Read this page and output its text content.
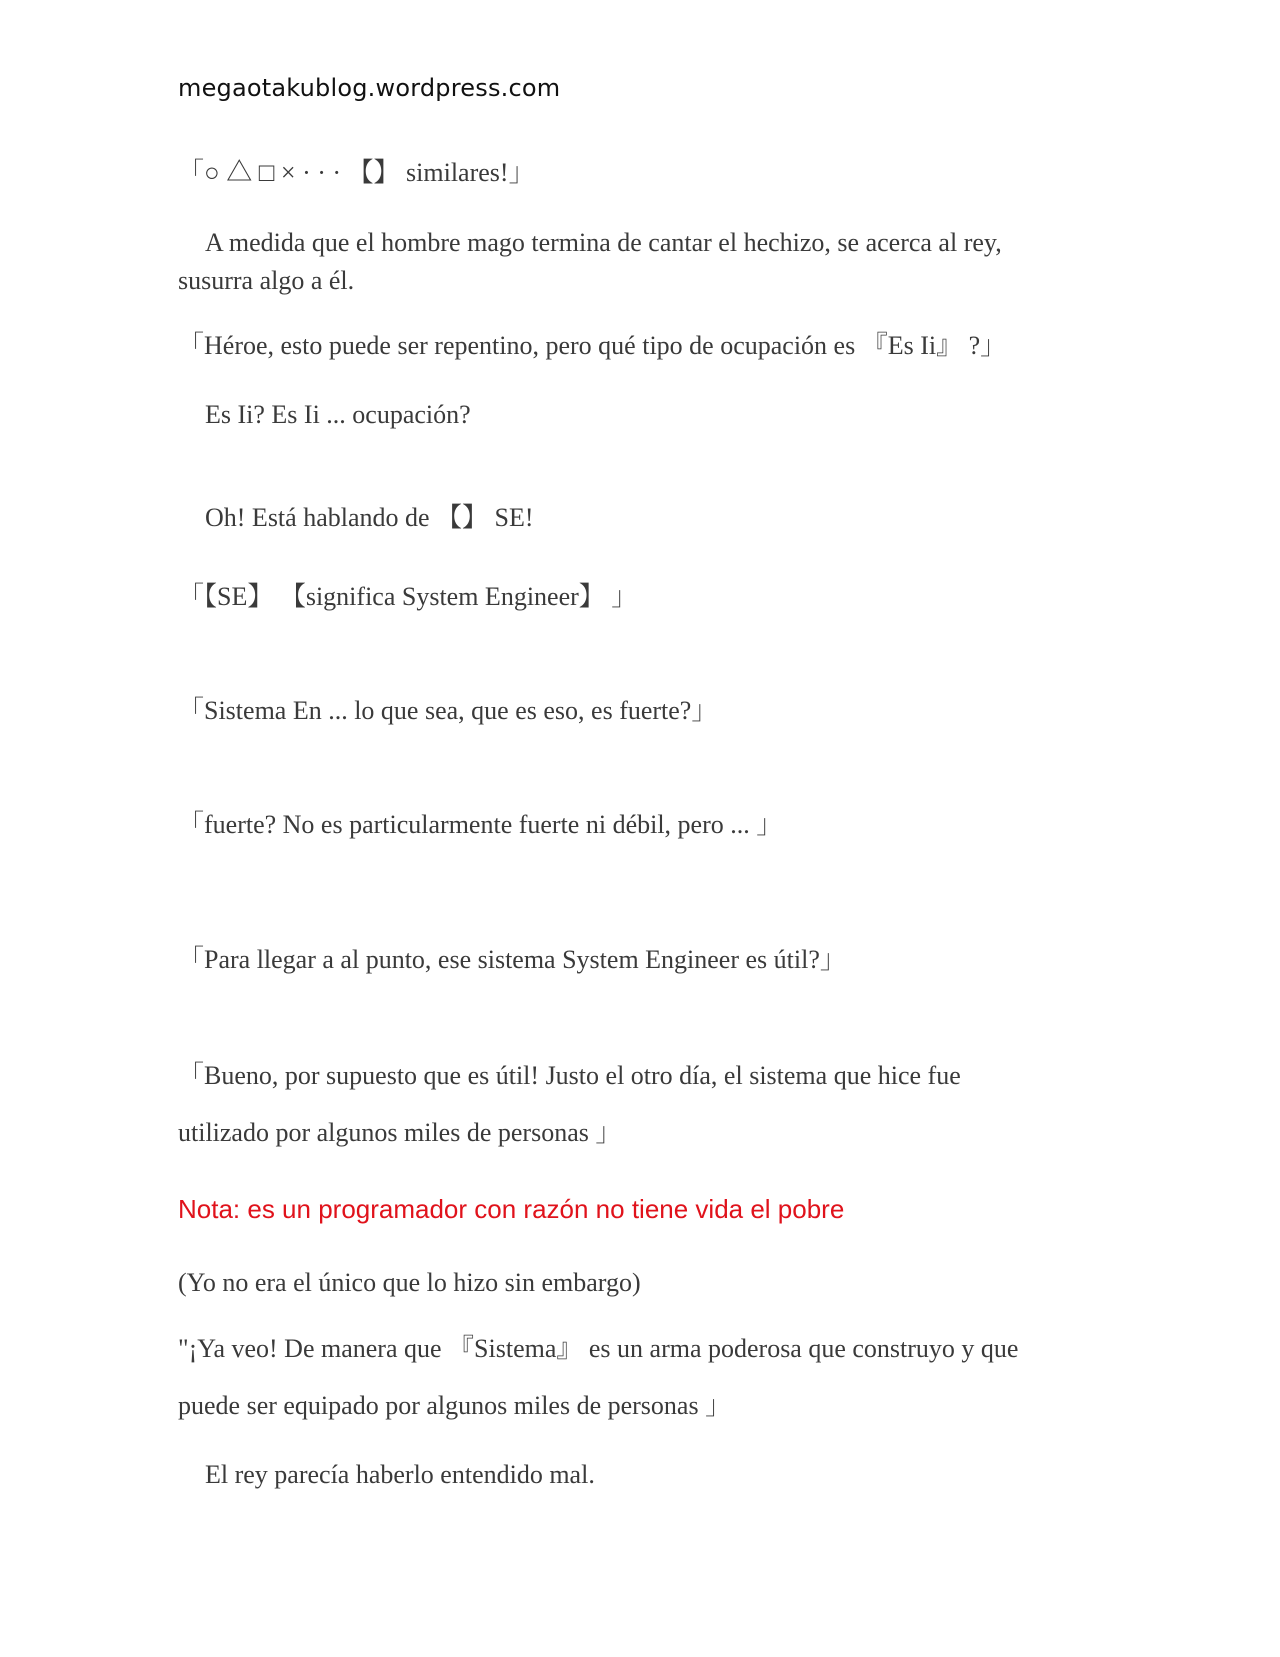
megaotakublog.wordpress.com
「○ △ □ × · · · 【】 similares!」
A medida que el hombre mago termina de cantar el hechizo, se acerca al rey,
susurra algo a él.
「Héroe, esto puede ser repentino, pero qué tipo de ocupación es 『Es Ii』 ?」
Es Ii? Es Ii ... ocupación?
Oh! Está hablando de 【】 SE!
「【SE】 【significa System Engineer】 」
「Sistema En ... lo que sea, que es eso, es fuerte?」
「fuerte? No es particularmente fuerte ni débil, pero ... 」
「Para llegar a al punto, ese sistema System Engineer es útil?」
「Bueno, por supuesto que es útil! Justo el otro día, el sistema que hice fue
utilizado por algunos miles de personas 」
Nota: es un programador con razón no tiene vida el pobre
(Yo no era el único que lo hizo sin embargo)
"¡Ya veo! De manera que 『Sistema』 es un arma poderosa que construyo y que
puede ser equipado por algunos miles de personas 」
El rey parecía haberlo entendido mal.
